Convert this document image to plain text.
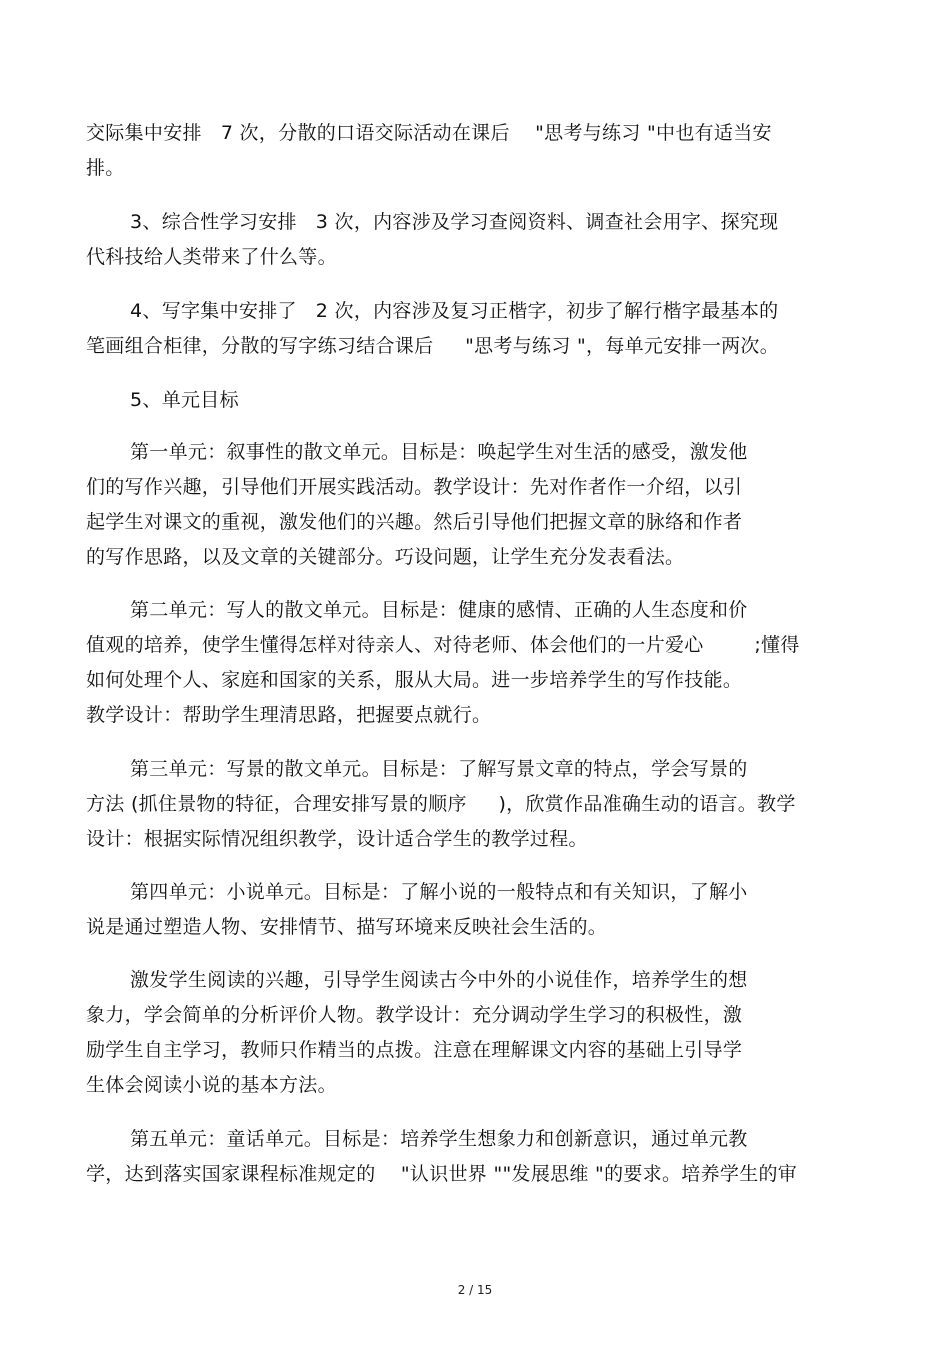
交际集中安排   7 次，分散的口语交际活动在课后    "思考与练习 "中也有适当安
排。
3、综合性学习安排   3 次，内容涉及学习查阅资料、调查社会用字、探究现
代科技给人类带来了什么等。
4、写字集中安排了   2 次，内容涉及复习正楷字，初步了解行楷字最基本的
笔画组合柜律，分散的写字练习结合课后     "思考与练习 "，每单元安排一两次。
5、单元目标
第一单元：叙事性的散文单元。目标是：唤起学生对生活的感受，激发他
们的写作兴趣，引导他们开展实践活动。教学设计：先对作者作一介绍，以引
起学生对课文的重视，激发他们的兴趣。然后引导他们把握文章的脉络和作者
的写作思路，以及文章的关键部分。巧设问题，让学生充分发表看法。
第二单元：写人的散文单元。目标是：健康的感情、正确的人生态度和价
值观的培养，使学生懂得怎样对待亲人、对待老师、体会他们的一片爱心        ;懂得
如何处理个人、家庭和国家的关系，服从大局。进一步培养学生的写作技能。
教学设计：帮助学生理清思路，把握要点就行。
第三单元：写景的散文单元。目标是：了解写景文章的特点，学会写景的
方法 (抓住景物的特征，合理安排写景的顺序     )，欣赏作品准确生动的语言。教学
设计：根据实际情况组织教学，设计适合学生的教学过程。
第四单元：小说单元。目标是：了解小说的一般特点和有关知识，了解小
说是通过塑造人物、安排情节、描写环境来反映社会生活的。
激发学生阅读的兴趣，引导学生阅读古今中外的小说佳作，培养学生的想
象力，学会简单的分析评价人物。教学设计：充分调动学生学习的积极性，激
励学生自主学习，教师只作精当的点拨。注意在理解课文内容的基础上引导学
生体会阅读小说的基本方法。
第五单元：童话单元。目标是：培养学生想象力和创新意识，通过单元教
学，达到落实国家课程标准规定的    "认识世界 ""发展思维 "的要求。培养学生的审
2 / 15
